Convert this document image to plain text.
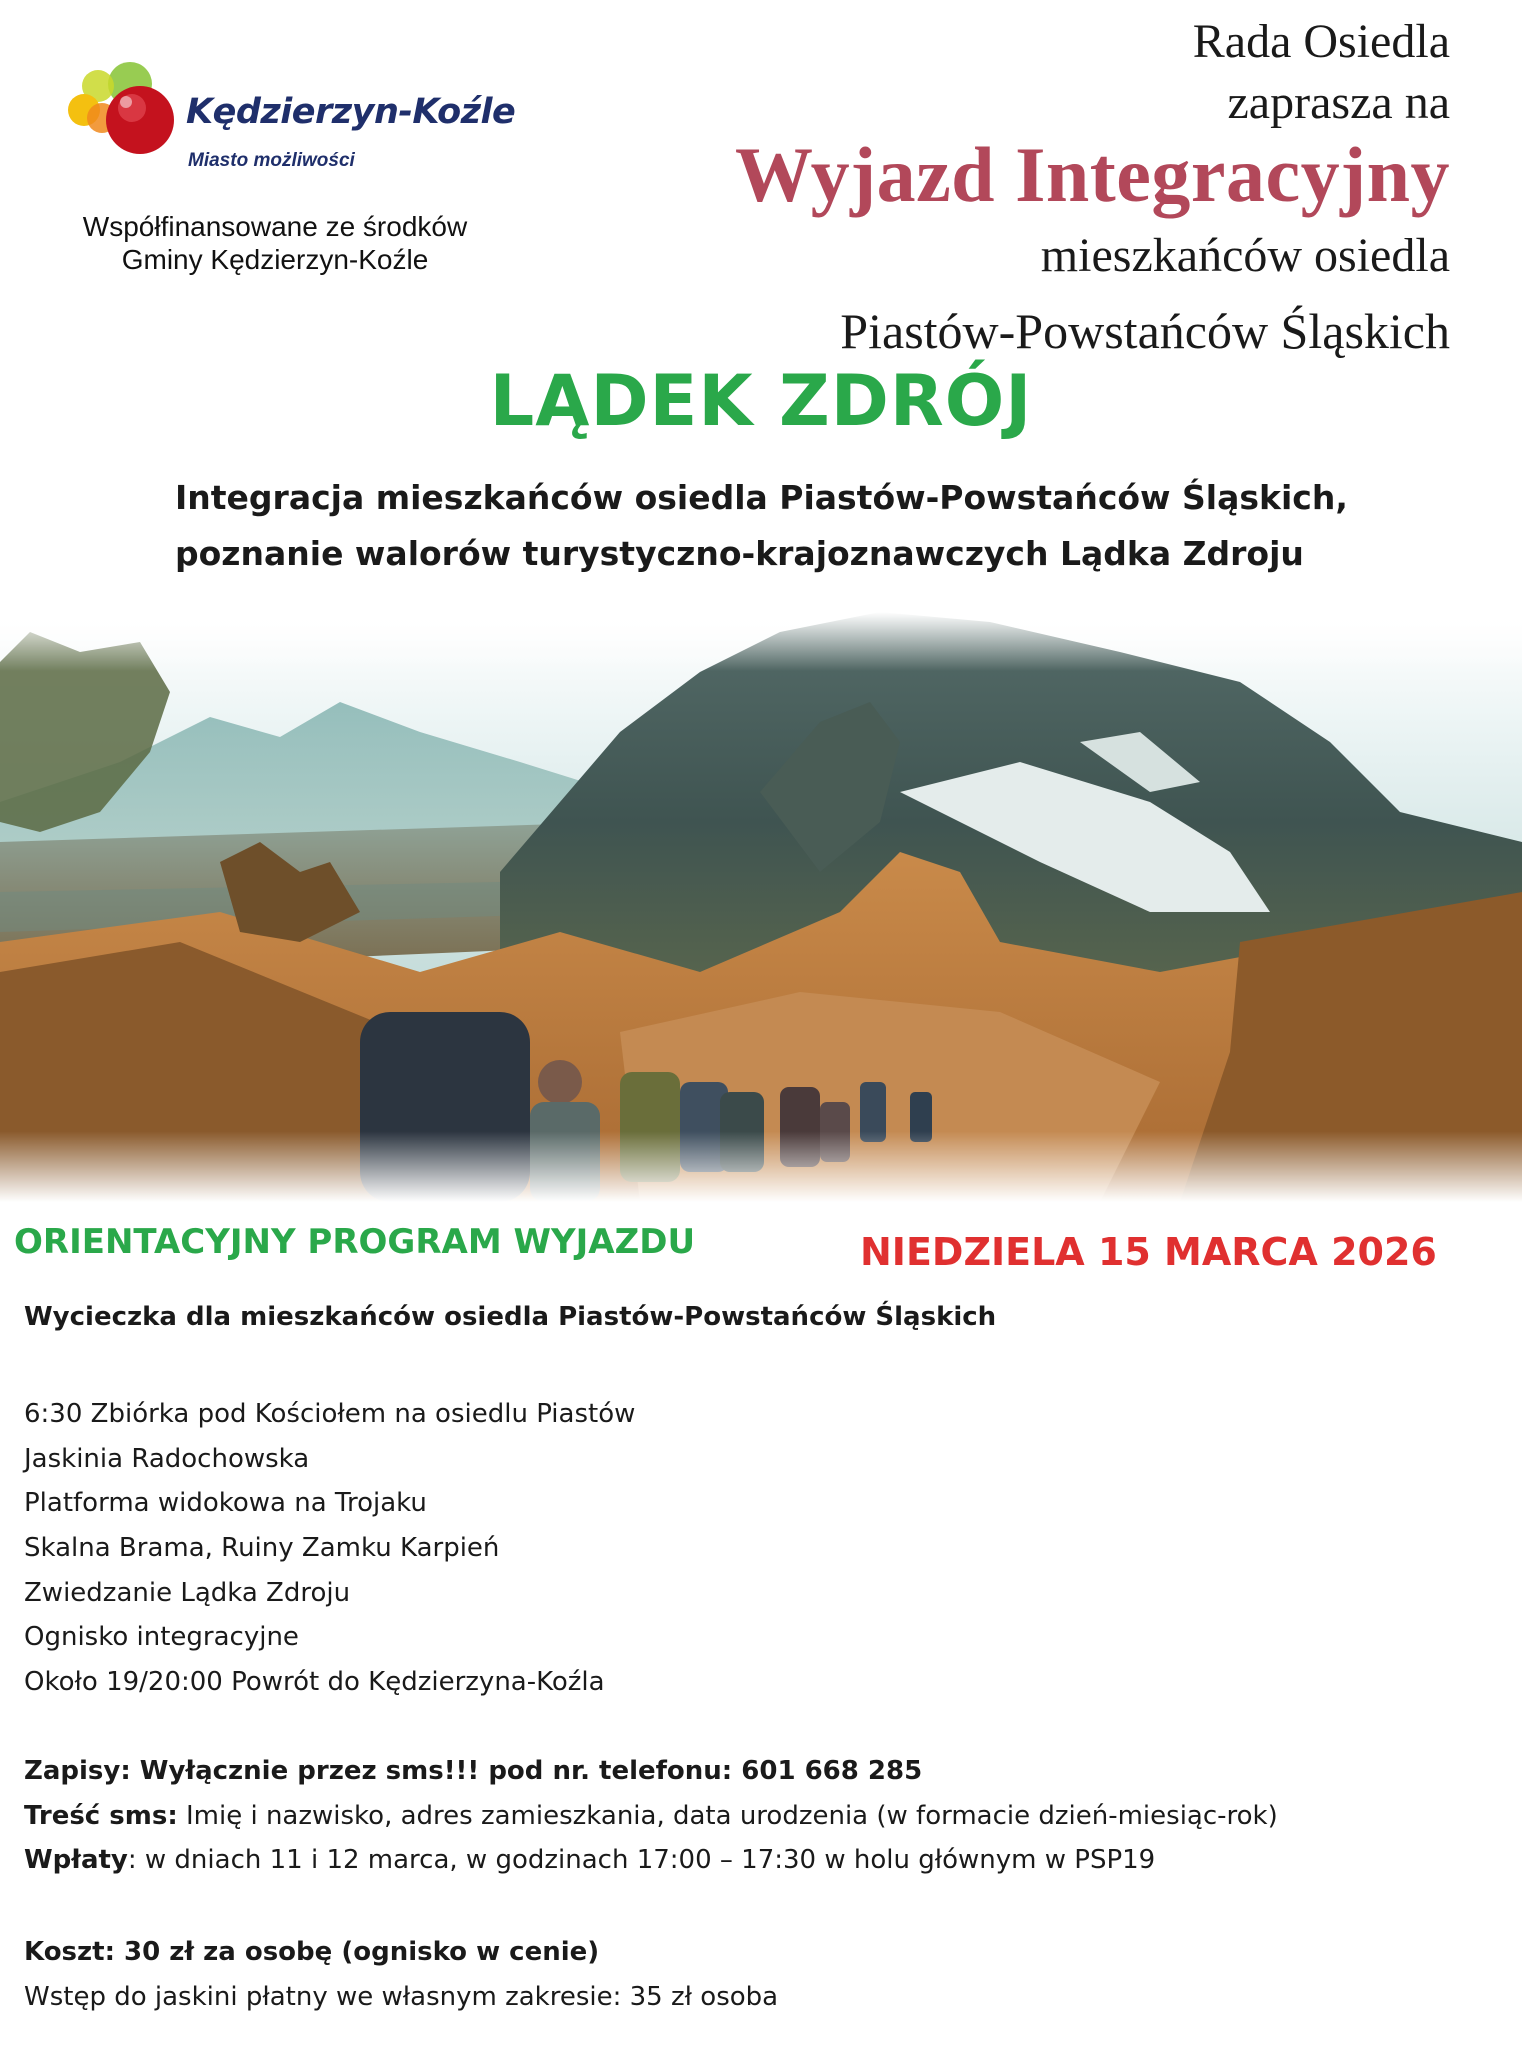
Kędzierzyn-Koźle
Miasto możliwości
Współfinansowane ze środków
Gminy Kędzierzyn-Koźle
Rada Osiedla
zaprasza na
Wyjazd Integracyjny
mieszkańców osiedla
Piastów-Powstańców Śląskich
LĄDEK ZDRÓJ
Integracja mieszkańców osiedla Piastów-Powstańców Śląskich,
poznanie walorów turystyczno-krajoznawczych Lądka Zdroju
ORIENTACYJNY PROGRAM WYJAZDU	NIEDZIELA 15 MARCA 2026
Wycieczka dla mieszkańców osiedla Piastów-Powstańców Śląskich
6:30 Zbiórka pod Kościołem na osiedlu Piastów
Jaskinia Radochowska
Platforma widokowa na Trojaku
Skalna Brama, Ruiny Zamku Karpień
Zwiedzanie Lądka Zdroju
Ognisko integracyjne
Około 19/20:00 Powrót do Kędzierzyna-Koźla
Zapisy: Wyłącznie przez sms!!! pod nr. telefonu: 601 668 285
Treść sms: Imię i nazwisko, adres zamieszkania, data urodzenia (w formacie dzień-miesiąc-rok)
Wpłaty: w dniach 11 i 12 marca, w godzinach 17:00 – 17:30 w holu głównym w PSP19
Koszt: 30 zł za osobę (ognisko w cenie)
Wstęp do jaskini płatny we własnym zakresie: 35 zł osoba
